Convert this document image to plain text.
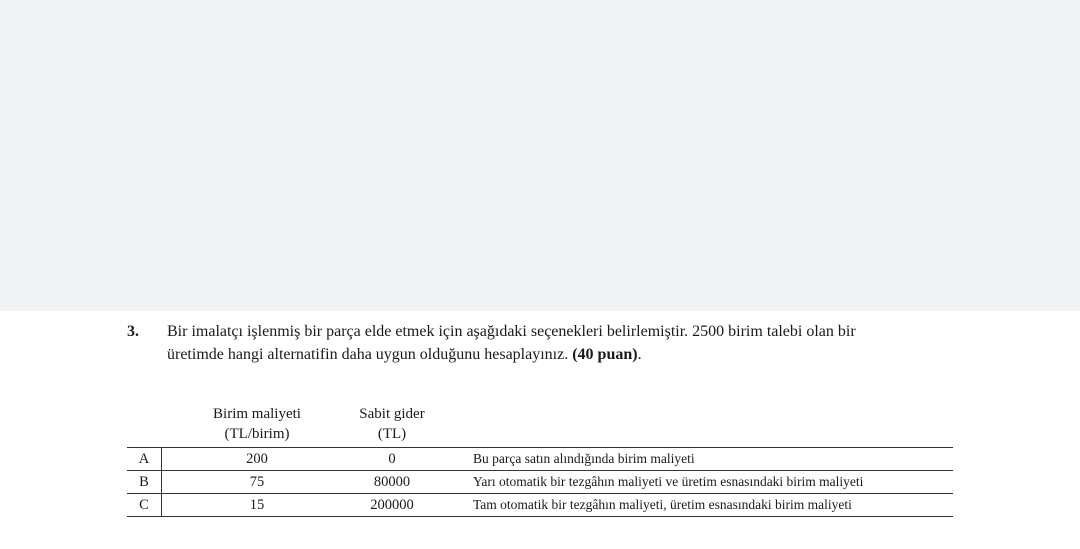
3. Bir imalatçı işlenmiş bir parça elde etmek için aşağıdaki seçenekleri belirlemiştir. 2500 birim talebi olan bir
üretimde hangi alternatifin daha uygun olduğunu hesaplayınız. (40 puan).
Birim maliyeti
(TL/birim)
Sabit gider
(TL)
A	200	0	Bu parça satın alındığında birim maliyeti
B	75	80000	Yarı otomatik bir tezgâhın maliyeti ve üretim esnasındaki birim maliyeti
C	15	200000	Tam otomatik bir tezgâhın maliyeti, üretim esnasındaki birim maliyeti
